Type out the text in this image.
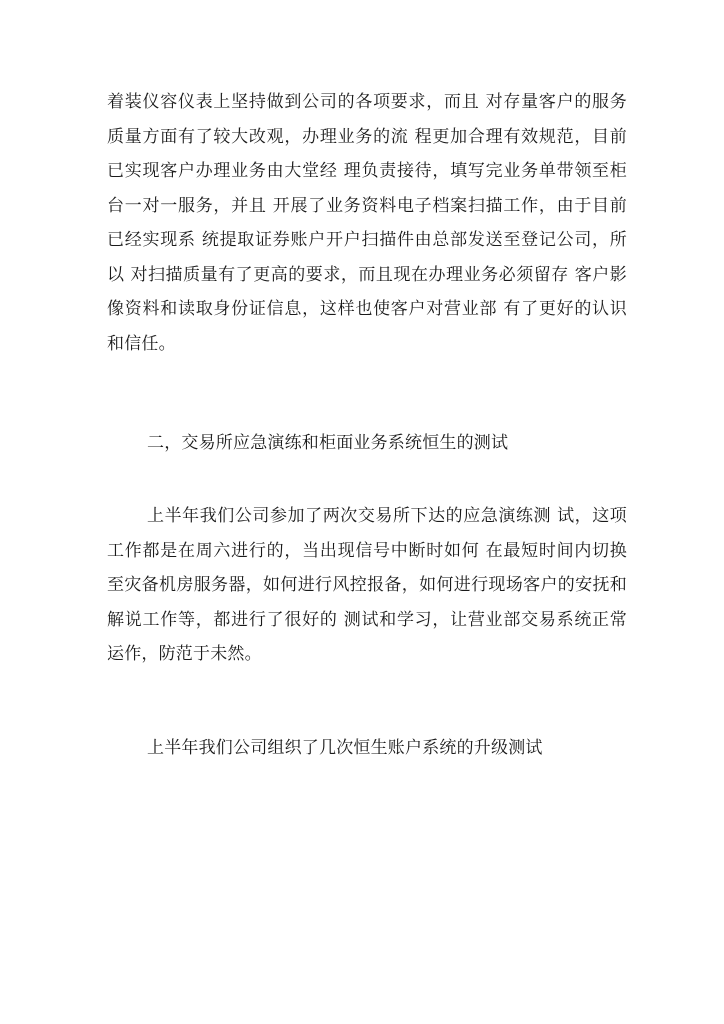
着装仪容仪表上坚持做到公司的各项要求，而且 对存量客户的服务
质量方面有了较大改观，办理业务的流 程更加合理有效规范，目前
已实现客户办理业务由大堂经 理负责接待，填写完业务单带领至柜
台一对一服务，并且 开展了业务资料电子档案扫描工作，由于目前
已经实现系 统提取证券账户开户扫描件由总部发送至登记公司，所
以 对扫描质量有了更高的要求，而且现在办理业务必须留存 客户影
像资料和读取身份证信息，这样也使客户对营业部 有了更好的认识
和信任。
二，交易所应急演练和柜面业务系统恒生的测试
上半年我们公司参加了两次交易所下达的应急演练测 试，这项
工作都是在周六进行的，当出现信号中断时如何 在最短时间内切换
至灾备机房服务器，如何进行风控报备，如何进行现场客户的安抚和
解说工作等，都进行了很好的 测试和学习，让营业部交易系统正常
运作，防范于未然。
上半年我们公司组织了几次恒生账户系统的升级测试
